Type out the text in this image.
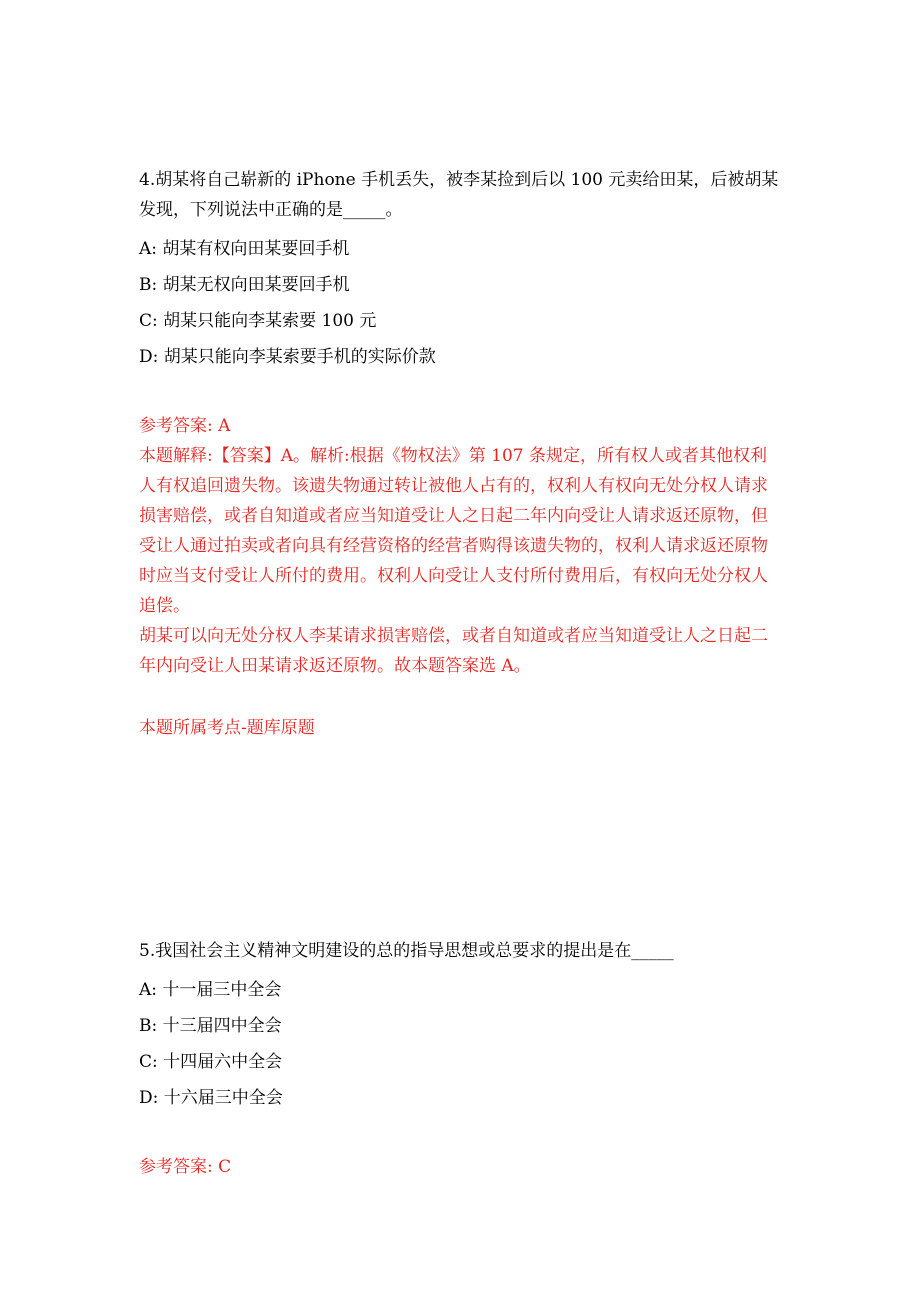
4.胡某将自己崭新的 iPhone 手机丢失，被李某捡到后以 100 元卖给田某，后被胡某发现，下列说法中正确的是_____。

A: 胡某有权向田某要回手机

B: 胡某无权向田某要回手机

C: 胡某只能向李某索要 100 元

D: 胡某只能向李某索要手机的实际价款

参考答案: A

本题解释:【答案】A。解析:根据《物权法》第 107 条规定，所有权人或者其他权利人有权追回遗失物。该遗失物通过转让被他人占有的，权利人有权向无处分权人请求损害赔偿，或者自知道或者应当知道受让人之日起二年内向受让人请求返还原物，但受让人通过拍卖或者向具有经营资格的经营者购得该遗失物的，权利人请求返还原物时应当支付受让人所付的费用。权利人向受让人支付所付费用后，有权向无处分权人追偿。

胡某可以向无处分权人李某请求损害赔偿，或者自知道或者应当知道受让人之日起二年内向受让人田某请求返还原物。故本题答案选 A。

本题所属考点-题库原题

5.我国社会主义精神文明建设的总的指导思想或总要求的提出是在_____

A: 十一届三中全会

B: 十三届四中全会

C: 十四届六中全会

D: 十六届三中全会

参考答案: C
